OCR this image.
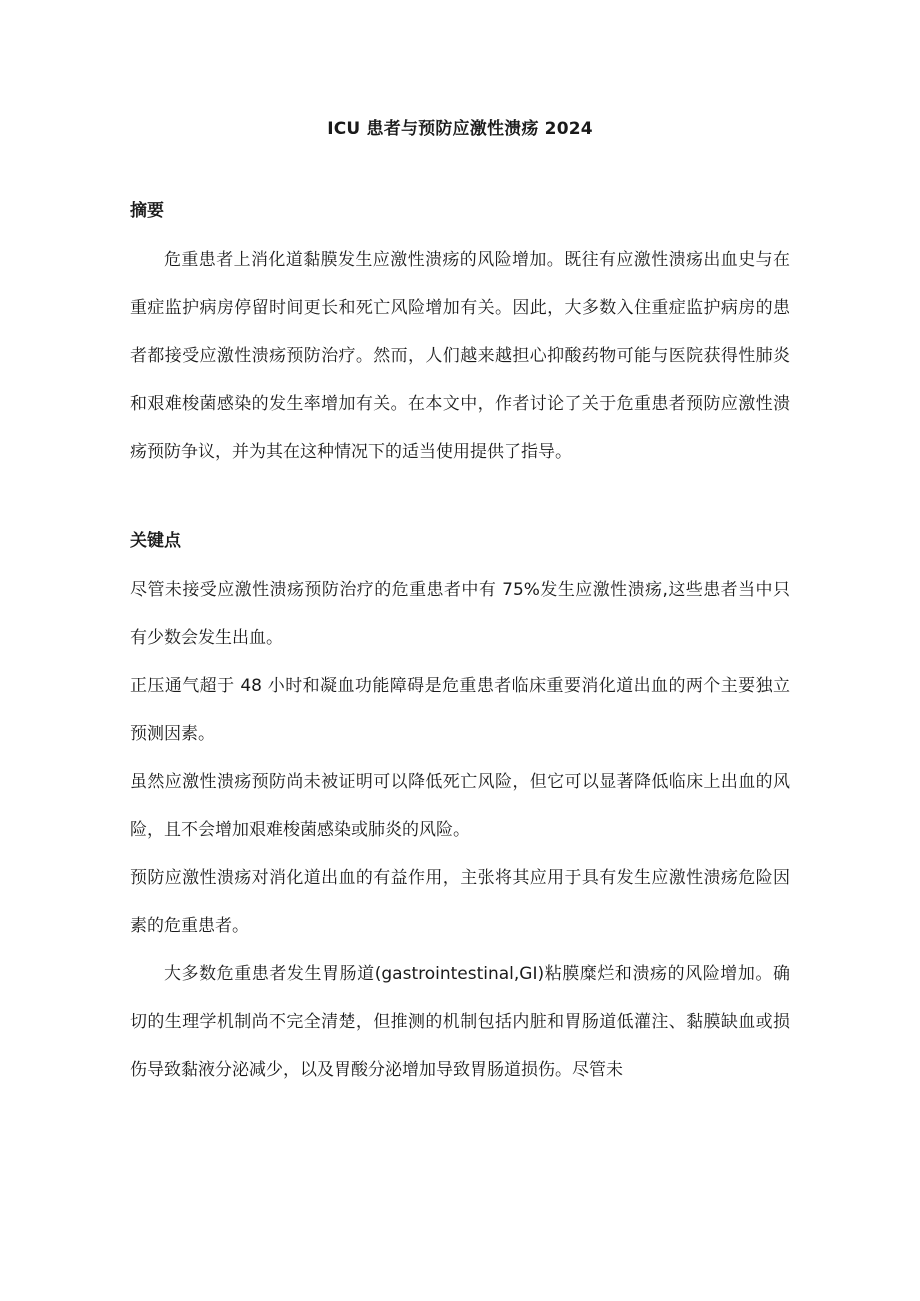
ICU 患者与预防应激性溃疡 2024
摘要

危重患者上消化道黏膜发生应激性溃疡的风险增加。既往有应激性溃疡出血史与在重症监护病房停留时间更长和死亡风险增加有关。因此，大多数入住重症监护病房的患者都接受应激性溃疡预防治疗。然而，人们越来越担心抑酸药物可能与医院获得性肺炎和艰难梭菌感染的发生率增加有关。在本文中，作者讨论了关于危重患者预防应激性溃疡预防争议，并为其在这种情况下的适当使用提供了指导。

关键点

尽管未接受应激性溃疡预防治疗的危重患者中有 75%发生应激性溃疡,这些患者当中只有少数会发生出血。

正压通气超于 48 小时和凝血功能障碍是危重患者临床重要消化道出血的两个主要独立预测因素。

虽然应激性溃疡预防尚未被证明可以降低死亡风险，但它可以显著降低临床上出血的风险，且不会增加艰难梭菌感染或肺炎的风险。

预防应激性溃疡对消化道出血的有益作用，主张将其应用于具有发生应激性溃疡危险因素的危重患者。

大多数危重患者发生胃肠道(gastrointestinal,GI)粘膜糜烂和溃疡的风险增加。确切的生理学机制尚不完全清楚，但推测的机制包括内脏和胃肠道低灌注、黏膜缺血或损伤导致黏液分泌减少，以及胃酸分泌增加导致胃肠道损伤。尽管未
